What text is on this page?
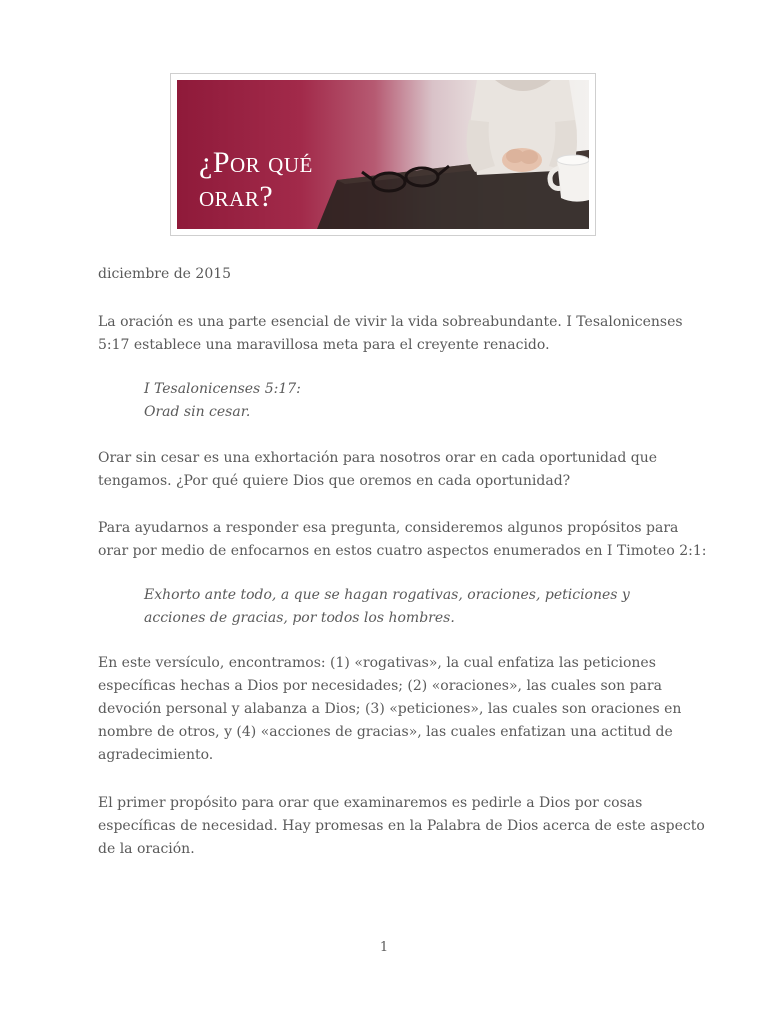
¿Por qué
orar?
diciembre de 2015
La oración es una parte esencial de vivir la vida sobreabundante. I Tesalonicenses
5:17 establece una maravillosa meta para el creyente renacido.
I Tesalonicenses 5:17:
Orad sin cesar.
Orar sin cesar es una exhortación para nosotros orar en cada oportunidad que
tengamos. ¿Por qué quiere Dios que oremos en cada oportunidad?
Para ayudarnos a responder esa pregunta, consideremos algunos propósitos para
orar por medio de enfocarnos en estos cuatro aspectos enumerados en I Timoteo 2:1:
Exhorto ante todo, a que se hagan rogativas, oraciones, peticiones y
acciones de gracias, por todos los hombres.
En este versículo, encontramos: (1) «rogativas», la cual enfatiza las peticiones
específicas hechas a Dios por necesidades; (2) «oraciones», las cuales son para
devoción personal y alabanza a Dios; (3) «peticiones», las cuales son oraciones en
nombre de otros, y (4) «acciones de gracias», las cuales enfatizan una actitud de
agradecimiento.
El primer propósito para orar que examinaremos es pedirle a Dios por cosas
específicas de necesidad. Hay promesas en la Palabra de Dios acerca de este aspecto
de la oración.
1
